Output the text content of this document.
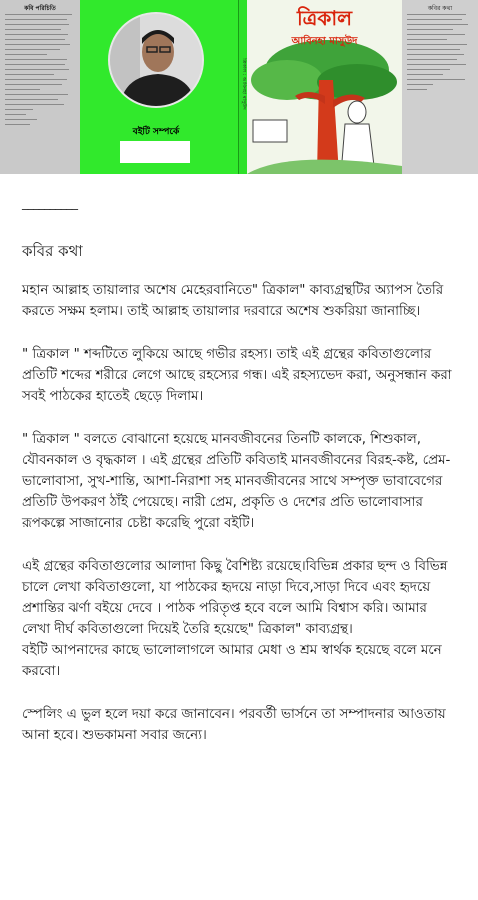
কবি পরিচিতি
বইটি সম্পর্কে
ত্রিকাল : আবিনহা মাসুউদ
ত্রিকাল
আবিনহা মাসুউদ
কবির কথা
__________
কবির কথা

মহান আল্লাহ তায়ালার অশেষ মেহেরবানিতে" ত্রিকাল" কাব্যগ্রন্থটির অ্যাপস তৈরি করতে সক্ষম হলাম। তাই আল্লাহ তায়ালার দরবারে অশেষ শুকরিয়া জানাচ্ছি।

" ত্রিকাল " শব্দটিতে লুকিয়ে আছে গভীর রহস্য। তাই এই গ্রন্থের কবিতাগুলোর প্রতিটি শব্দের শরীরে লেগে আছে রহস্যের গন্ধ। এই রহস্যভেদ করা, অনুসন্ধান করা সবই পাঠকের হাতেই ছেড়ে দিলাম।

" ত্রিকাল " বলতে বোঝানো হয়েছে মানবজীবনের তিনটি কালকে, শিশুকাল, যৌবনকাল ও বৃদ্ধকাল । এই গ্রন্থের প্রতিটি কবিতাই মানবজীবনের বিরহ-কষ্ট, প্রেম-ভালোবাসা, সুখ-শান্তি, আশা-নিরাশা সহ মানবজীবনের সাথে সম্পৃক্ত ভাবাবেগের প্রতিটি উপকরণ ঠাঁই পেয়েছে। নারী প্রেম, প্রকৃতি ও দেশের প্রতি ভালোবাসার রূপকল্পে সাজানোর চেষ্টা করেছি পুরো বইটি।

এই গ্রন্থের কবিতাগুলোর আলাদা কিছু বৈশিষ্ট্য রয়েছে।বিভিন্ন প্রকার ছন্দ ও বিভিন্ন চালে লেখা কবিতাগুলো, যা পাঠকের হৃদয়ে নাড়া দিবে,সাড়া দিবে এবং হৃদয়ে প্রশান্তির ঝর্ণা বইয়ে দেবে । পাঠক পরিতৃপ্ত হবে বলে আমি বিশ্বাস করি। আমার লেখা দীর্ঘ কবিতাগুলো দিয়েই তৈরি হয়েছে" ত্রিকাল" কাব্যগ্রন্থ।
বইটি আপনাদের কাছে ভালোলাগলে আমার মেধা ও শ্রম স্বার্থক হয়েছে বলে মনে করবো।

স্পেলিং এ ভুল হলে দয়া করে জানাবেন। পরবর্তী ভার্সনে তা সম্পাদনার আওতায় আনা হবে। শুভকামনা সবার জন্যে।
